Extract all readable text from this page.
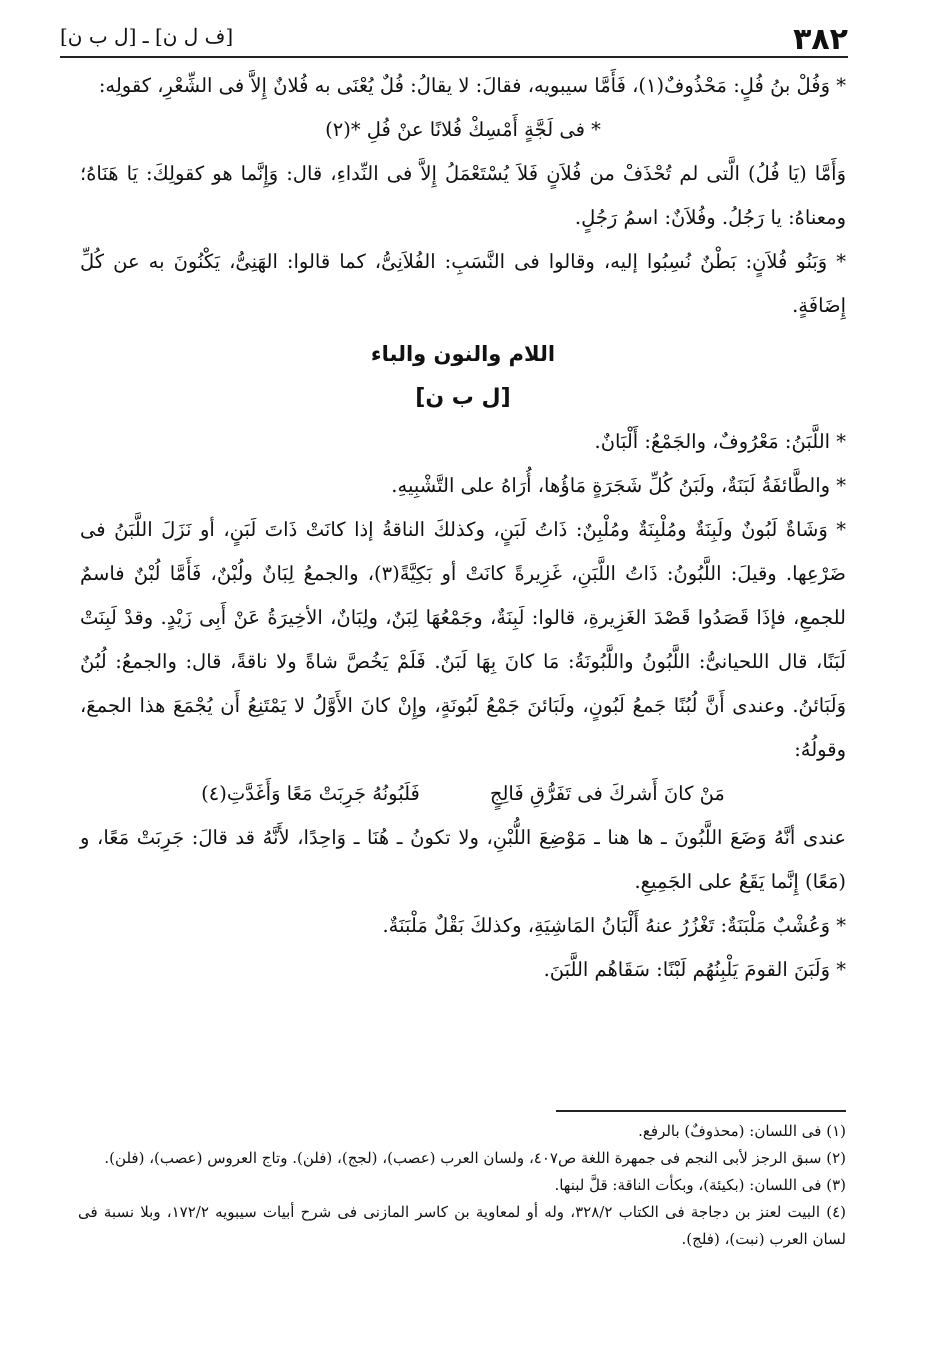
٣٨٢
[ف ل ن] ـ [ل ب ن]

* وَفُلْ بنُ فُلٍ: مَحْذُوفٌ(١)، فَأَمَّا سيبويه، فقالَ: لا يقالُ: فُلٌ يُعْنَى به فُلانٌ إِلاَّ فى الشِّعْرِ، كقولِه:

* فى لَجَّةٍ أَمْسِكْ فُلانًا عنْ فُلِ *(٢)

وَأَمَّا (يَا فُلُ) الَّتى لم تُحْذَفْ من فُلاَنٍ فَلاَ يُسْتَعْمَلُ إِلاَّ فى النِّداءِ، قال: وَإِنَّما هو كقولِكَ: يَا هَنَاهُ؛ ومعناهُ: يا رَجُلُ. وفُلاَنٌ: اسمُ رَجُلٍ.

* وَبَنُو فُلاَنٍ: بَطْنٌ نُسِبُوا إليه، وقالوا فى النَّسَبِ: الفُلاَنِىُّ، كما قالوا: الهَنِىُّ، يَكْنُونَ به عن كُلِّ إِضَافَةٍ.

اللام والنون والباء

[ل ب ن]

* اللَّبَنُ: مَعْرُوفٌ، والجَمْعُ: أَلْبَانٌ.

* والطَّائفَةُ لَبَنَةٌ، ولَبَنُ كُلِّ شَجَرَةٍ مَاؤُها، أُرَاهُ على التَّشْبِيهِ.

* وَشَاةٌ لَبُونٌ ولَبِنَةٌ ومُلْبِنَةٌ ومُلْبِنٌ: ذَاتُ لَبَنٍ، وكذلكَ الناقةُ إذا كانَتْ ذَاتَ لَبَنٍ، أو نَزَلَ اللَّبَنُ فى ضَرْعِها. وقيلَ: اللَّبُونُ: ذَاتُ اللَّبَنِ، غَزِيرةً كانَتْ أو بَكِيَّةً(٣)، والجمعُ لِبَانٌ ولُبْنٌ، فَأَمَّا لُبْنٌ فاسمٌ للجمعِ، فإذَا قَصَدُوا قَصْدَ الغَزِيرةِ، قالوا: لَبِنَةٌ، وجَمْعُهَا لِبَنٌ، ولِبَانٌ، الأخِيرَةُ عَنْ أَبِى زَيْدٍ. وقدْ لَبِنَتْ لَبَنًا، قال اللحيانىُّ: اللَّبُونُ واللَّبُونَةُ: مَا كانَ بِهَا لَبَنٌ. فَلَمْ يَخُصَّ شاةً ولا ناقةً، قال: والجمعُ: لُبُنٌ وَلَبَائنُ. وعندى أَنَّ لُبُنًا جَمعُ لَبُونٍ، ولَبَائنَ جَمْعُ لَبُونَةٍ، وإِنْ كانَ الأَوَّلُ لا يَمْتَنِعُ أَن يُجْمَعَ هذا الجمعَ، وقولُهُ:

مَنْ كانَ أَشركَ فى تَفَرُّقِ فَالِجٍ
فَلَبُونُهُ جَرِبَتْ مَعًا وَأَغَدَّتِ(٤)

عندى أنَّهُ وَضَعَ اللَّبُونَ ـ ها هنا ـ مَوْضِعَ اللُّبْنِ، ولا تكونُ ـ هُنَا ـ وَاحِدًا، لأَنَّهُ قد قالَ: جَرِبَتْ مَعًا، و (مَعًا) إِنَّما يَقَعُ على الجَمِيعِ.

* وَعُشْبٌ مَلْبَنَةٌ: تَغْزُرُ عنهُ أَلْبَانُ المَاشِيَةِ، وكذلكَ بَقْلٌ مَلْبَنَةٌ.

* وَلَبَنَ القومَ يَلْبِنُهُم لَبْنًا: سَقَاهُم اللَّبَنَ.

(١) فى اللسان: (محذوفٌ) بالرفع.

(٢) سبق الرجز لأبى النجم فى جمهرة اللغة ص٤٠٧، ولسان العرب (عصب)، (لجج)، (فلن). وتاج العروس (عصب)، (فلن).

(٣) فى اللسان: (بكيئة)، وبكأت الناقة: قلَّ لبنها.

(٤) البيت لعنز بن دجاجة فى الكتاب ٣٢٨/٢، وله أو لمعاوية بن كاسر المازنى فى شرح أبيات سيبويه ١٧٢/٢، وبلا نسبة فى لسان العرب (نبت)، (فلج).
